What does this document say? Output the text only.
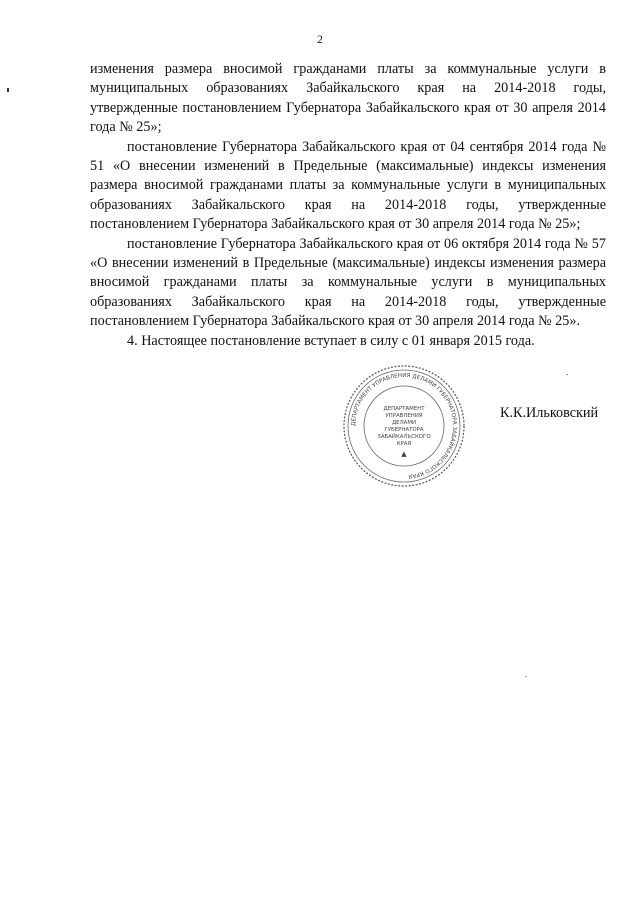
2

изменения размера вносимой гражданами платы за коммунальные услуги в муниципальных образованиях Забайкальского края на 2014-2018 годы, утвержденные постановлением Губернатора Забайкальского края от 30 апреля 2014 года № 25»;

постановление Губернатора Забайкальского края от 04 сентября 2014 года № 51 «О внесении изменений в Предельные (максимальные) индексы изменения размера вносимой гражданами платы за коммунальные услуги в муниципальных образованиях Забайкальского края на 2014-2018 годы, утвержденные постановлением Губернатора Забайкальского края от 30 апреля 2014 года № 25»;

постановление Губернатора Забайкальского края от 06 октября 2014 года № 57 «О внесении изменений в Предельные (максимальные) индексы изменения размера вносимой гражданами платы за коммунальные услуги в муниципальных образованиях Забайкальского края на 2014-2018 годы, утвержденные постановлением Губернатора Забайкальского края от 30 апреля 2014 года № 25».

4. Настоящее постановление вступает в силу с 01 января 2015 года.

ДЕПАРТАМЕНТ УПРАВЛЕНИЯ ДЕЛАМИ ГУБЕРНАТОРА ЗАБАЙКАЛЬСКОГО КРАЯ
ДЕПАРТАМЕНТ
УПРАВЛЕНИЯ
ДЕЛАМИ
ГУБЕРНАТОРА
ЗАБАЙКАЛЬСКОГО
КРАЯ
▲
К.К.Ильковский
